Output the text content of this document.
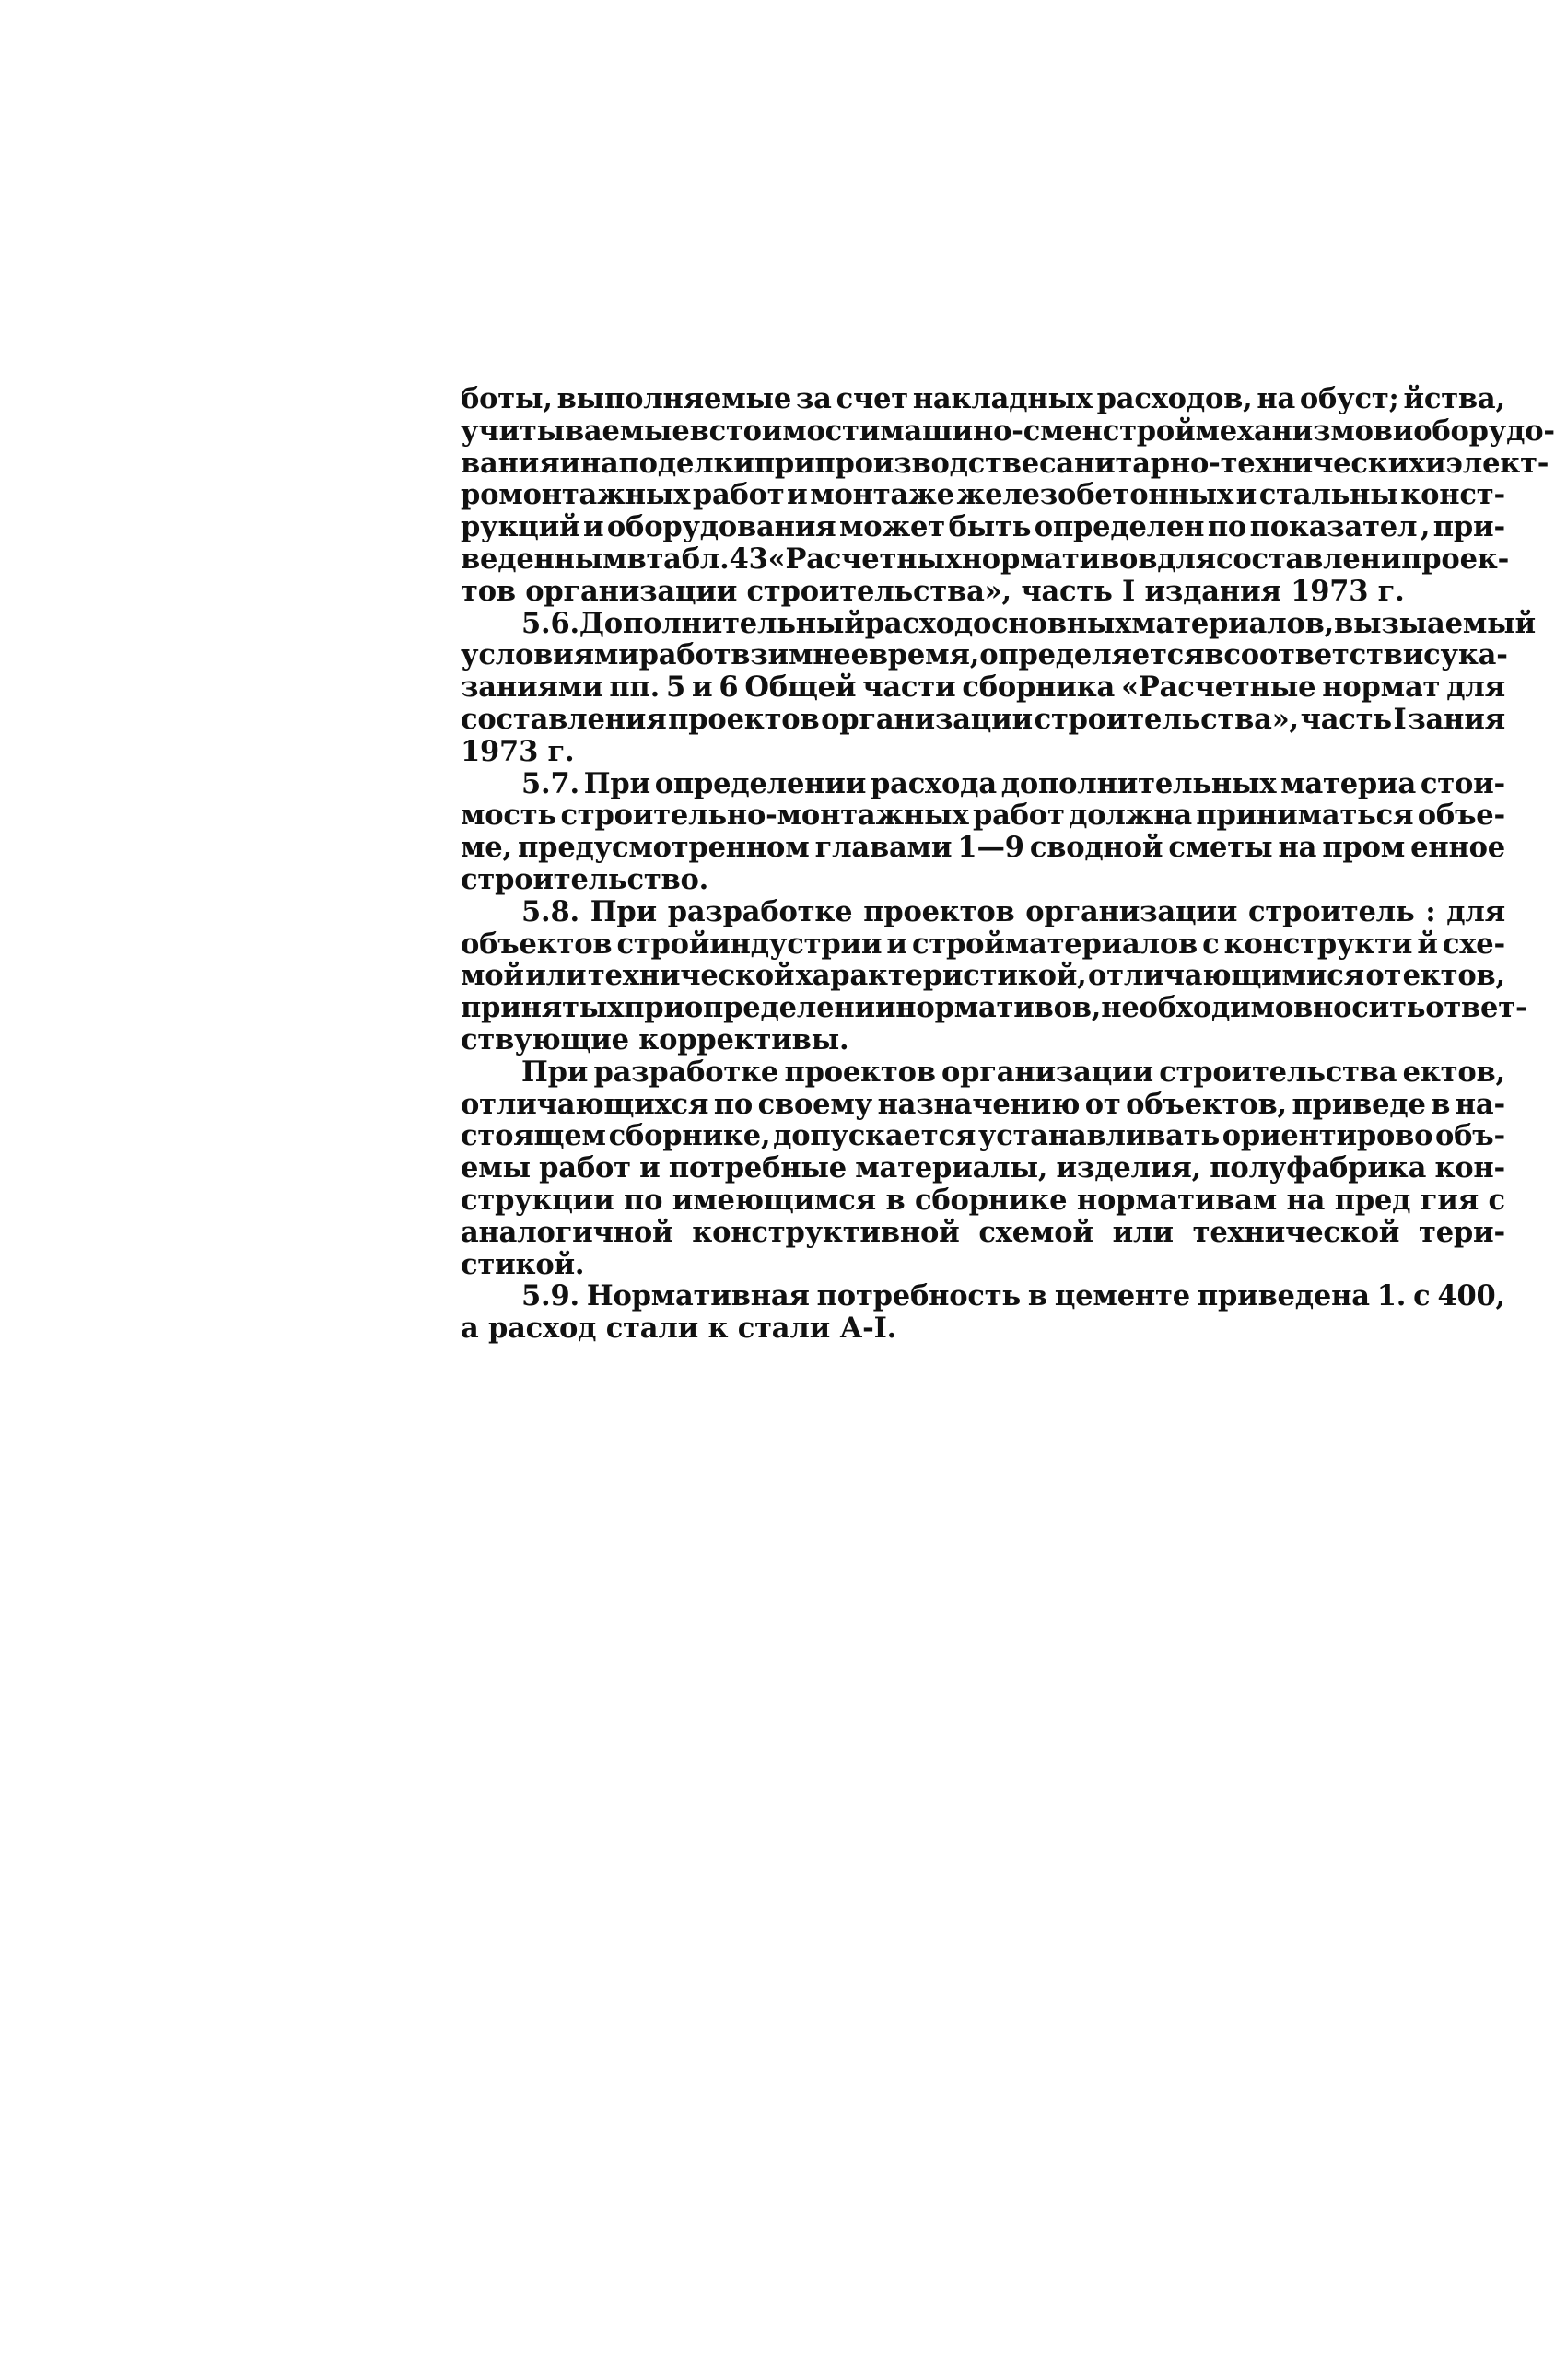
боты, выполняемые за счет накладных расходов, на обуст; йства,
учитываемые в стоимости машино-смен строймеханизмов и оборудо-
вания и на поделки при производстве санитарно-технических и элект-
ромонтажных работ и монтаже железобетонных и стальны конст-
рукций и оборудования может быть определен по показател , при-
веденным в табл. 43 «Расчетных нормативов для составлени проек-
тов организации строительства», часть I издания 1973 г.
5.6. Дополнительный расход основных материалов, вызы аемый
условиями работ в зимнее время, определяется в соответстви с ука-
заниями пп. 5 и 6 Общей части сборника «Расчетные нормат для
составления проектов организации строительства», часть I зания
1973 г.
5.7. При определении расхода дополнительных материа стои-
мость строительно-монтажных работ должна приниматься объе-
ме, предусмотренном главами 1—9 сводной сметы на пром енное
строительство.
5.8. При разработке проектов организации строитель : для
объектов стройиндустрии и стройматериалов с конструкти й схе-
мой или технической характеристикой, отличающимися от ектов,
принятых при определении нормативов, необходимо вносить ответ-
ствующие коррективы.
При разработке проектов организации строительства ектов,
отличающихся по своему назначению от объектов, приведе в на-
стоящем сборнике, допускается устанавливать ориентирово объ-
емы работ и потребные материалы, изделия, полуфабрика кон-
струкции по имеющимся в сборнике нормативам на пред гия с
аналогичной конструктивной схемой или технической тери-
стикой.
5.9. Нормативная потребность в цементе приведена 1. с 400,
а расход стали к стали А-I.
